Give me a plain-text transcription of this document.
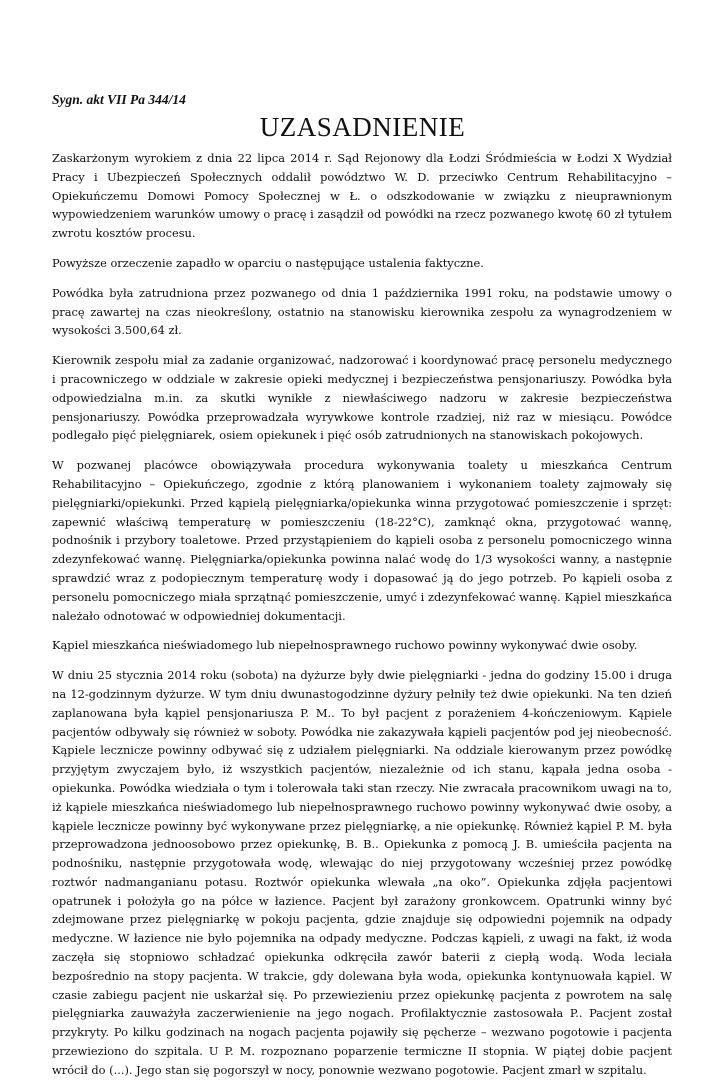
Sygn. akt VII Pa 344/14
UZASADNIENIE

Zaskarżonym wyrokiem z dnia 22 lipca 2014 r. Sąd Rejonowy dla Łodzi Śródmieścia w Łodzi X Wydział Pracy i Ubezpieczeń Społecznych oddalił powództwo W. D. przeciwko Centrum Rehabilitacyjno – Opiekuńczemu Domowi Pomocy Społecznej w Ł. o odszkodowanie w związku z nieuprawnionym wypowiedzeniem warunków umowy o pracę i zasądził od powódki na rzecz pozwanego kwotę 60 zł tytułem zwrotu kosztów procesu.

Powyższe orzeczenie zapadło w oparciu o następujące ustalenia faktyczne.

Powódka była zatrudniona przez pozwanego od dnia 1 października 1991 roku, na podstawie umowy o pracę zawartej na czas nieokreślony, ostatnio na stanowisku kierownika zespołu za wynagrodzeniem w wysokości 3.500,64 zł.

Kierownik zespołu miał za zadanie organizować, nadzorować i koordynować pracę personelu medycznego i pracowniczego w oddziale w zakresie opieki medycznej i bezpieczeństwa pensjonariuszy. Powódka była odpowiedzialna m.in. za skutki wynikłe z niewłaściwego nadzoru w zakresie bezpieczeństwa pensjonariuszy. Powódka przeprowadzała wyrywkowe kontrole rzadziej, niż raz w miesiącu. Powódce podlegało pięć pielęgniarek, osiem opiekunek i pięć osób zatrudnionych na stanowiskach pokojowych.

W pozwanej placówce obowiązywała procedura wykonywania toalety u mieszkańca Centrum Rehabilitacyjno – Opiekuńczego, zgodnie z którą planowaniem i wykonaniem toalety zajmowały się pielęgniarki/opiekunki. Przed kąpielą pielęgniarka/opiekunka winna przygotować pomieszczenie i sprzęt: zapewnić właściwą temperaturę w pomieszczeniu (18-22°C), zamknąć okna, przygotować wannę, podnośnik i przybory toaletowe. Przed przystąpieniem do kąpieli osoba z personelu pomocniczego winna zdezynfekować wannę. Pielęgniarka/opiekunka powinna nalać wodę do 1/3 wysokości wanny, a następnie sprawdzić wraz z podopiecznym temperaturę wody i dopasować ją do jego potrzeb. Po kąpieli osoba z personelu pomocniczego miała sprzątnąć pomieszczenie, umyć i zdezynfekować wannę. Kąpiel mieszkańca należało odnotować w odpowiedniej dokumentacji.

Kąpiel mieszkańca nieświadomego lub niepełnosprawnego ruchowo powinny wykonywać dwie osoby.

W dniu 25 stycznia 2014 roku (sobota) na dyżurze były dwie pielęgniarki - jedna do godziny 15.00 i druga na 12-godzinnym dyżurze. W tym dniu dwunastogodzinne dyżury pełniły też dwie opiekunki. Na ten dzień zaplanowana była kąpiel pensjonariusza P. M.. To był pacjent z porażeniem 4-kończeniowym. Kąpiele pacjentów odbywały się również w soboty. Powódka nie zakazywała kąpieli pacjentów pod jej nieobecność. Kąpiele lecznicze powinny odbywać się z udziałem pielęgniarki. Na oddziale kierowanym przez powódkę przyjętym zwyczajem było, iż wszystkich pacjentów, niezależnie od ich stanu, kąpała jedna osoba - opiekunka. Powódka wiedziała o tym i tolerowała taki stan rzeczy. Nie zwracała pracownikom uwagi na to, iż kąpiele mieszkańca nieświadomego lub niepełnosprawnego ruchowo powinny wykonywać dwie osoby, a kąpiele lecznicze powinny być wykonywane przez pielęgniarkę, a nie opiekunkę. Również kąpiel P. M. była przeprowadzona jednoosobowo przez opiekunkę, B. B.. Opiekunka z pomocą J. B. umieściła pacjenta na podnośniku, następnie przygotowała wodę, wlewając do niej przygotowany wcześniej przez powódkę roztwór nadmanganianu potasu. Roztwór opiekunka wlewała „na oko”. Opiekunka zdjęła pacjentowi opatrunek i położyła go na półce w łazience. Pacjent był zarażony gronkowcem. Opatrunki winny być zdejmowane przez pielęgniarkę w pokoju pacjenta, gdzie znajduje się odpowiedni pojemnik na odpady medyczne. W łazience nie było pojemnika na odpady medyczne. Podczas kąpieli, z uwagi na fakt, iż woda zaczęła się stopniowo schładzać opiekunka odkręciła zawór baterii z ciepłą wodą. Woda leciała bezpośrednio na stopy pacjenta. W trakcie, gdy dolewana była woda, opiekunka kontynuowała kąpiel. W czasie zabiegu pacjent nie uskarżał się. Po przewiezieniu przez opiekunkę pacjenta z powrotem na salę pielęgniarka zauważyła zaczerwienienie na jego nogach. Profilaktycznie zastosowała P.. Pacjent został przykryty. Po kilku godzinach na nogach pacjenta pojawiły się pęcherze – wezwano pogotowie i pacjenta przewieziono do szpitala. U P. M. rozpoznano poparzenie termiczne II stopnia. W piątej dobie pacjent wrócił do (...). Jego stan się pogorszył w nocy, ponownie wezwano pogotowie. Pacjent zmarł w szpitalu.
